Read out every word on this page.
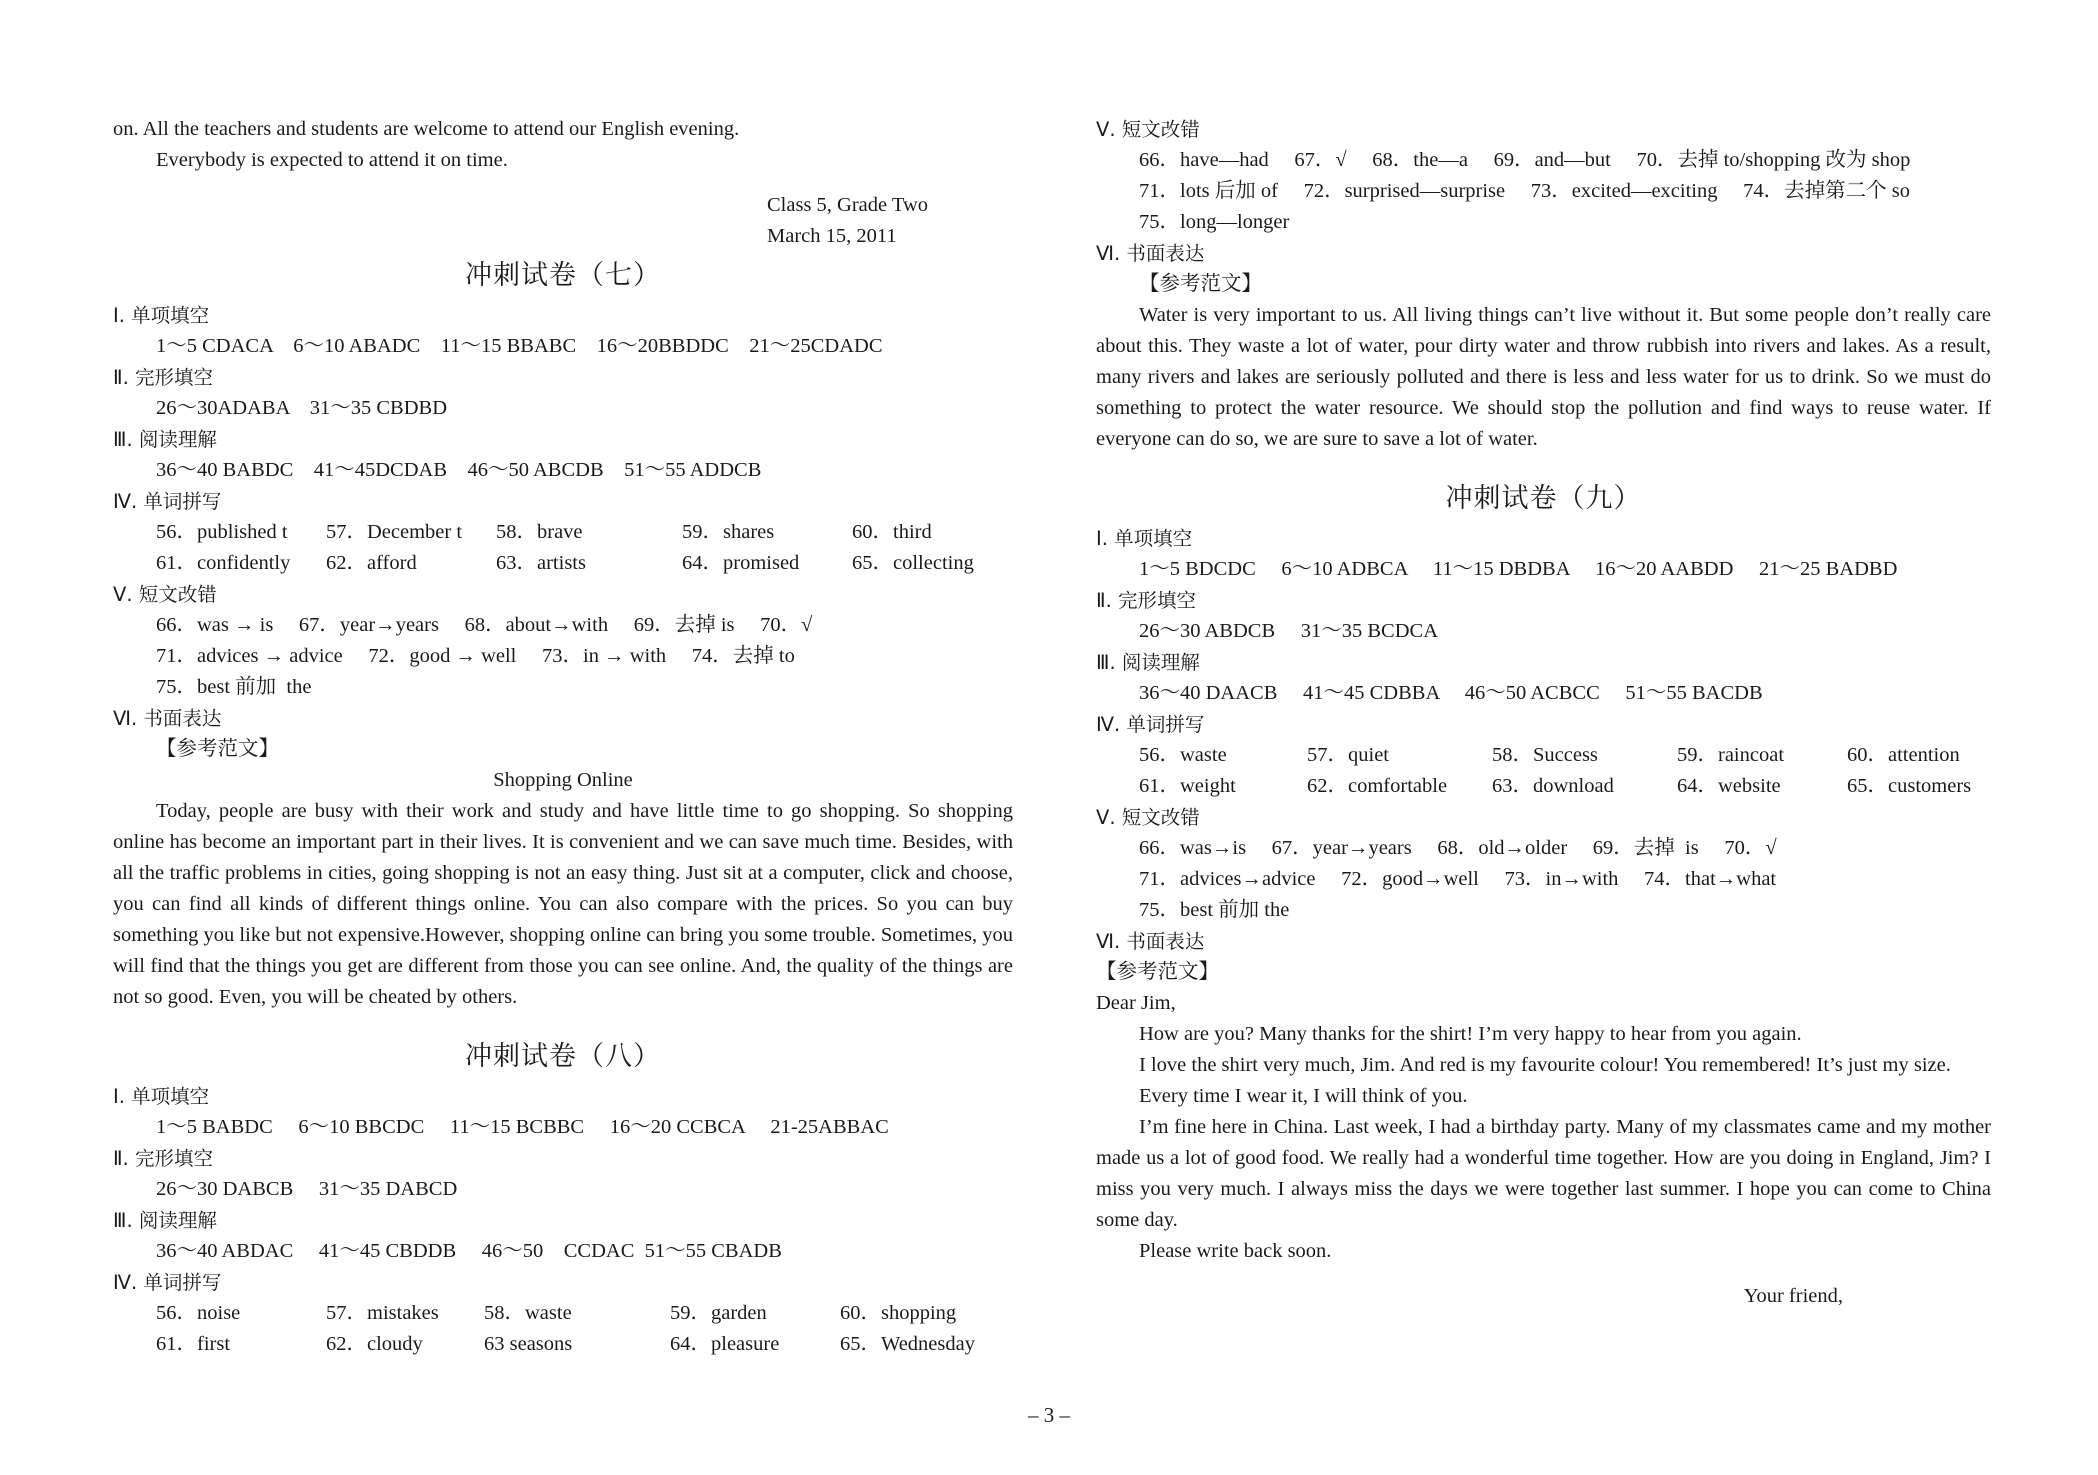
on. All the teachers and students are welcome to attend our English evening.

Everybody is expected to attend it on time.

Class 5, Grade Two

March 15, 2011

冲刺试卷（七）

Ⅰ. 单项填空

1～5 CDACA    6～10 ABADC    11～15 BBABC    16～20BBDDC    21～25CDADC

Ⅱ. 完形填空

26～30ADABA    31～35 CBDBD

Ⅲ. 阅读理解

36～40 BABDC    41～45DCDAB    46～50 ABCDB    51～55 ADDCB

Ⅳ. 单词拼写

56．published t	57．December t	58．brave	59．shares	60．third
61．confidently	62．afford	63．artists	64．promised	65．collecting

Ⅴ. 短文改错

66．was → is     67．year→years     68．about→with     69．去掉 is     70．√

71．advices → advice     72．good → well     73．in → with     74．去掉 to

75．best 前加  the

Ⅵ. 书面表达

【参考范文】

Shopping Online

Today, people are busy with their work and study and have little time to go shopping. So shopping online has become an important part in their lives. It is convenient and we can save much time. Besides, with all the traffic problems in cities, going shopping is not an easy thing. Just sit at a computer, click and choose, you can find all kinds of different things online. You can also compare with the prices. So you can buy something you like but not expensive.However, shopping online can bring you some trouble. Sometimes, you will find that the things you get are different from those you can see online. And, the quality of the things are not so good. Even, you will be cheated by others.

冲刺试卷（八）

Ⅰ. 单项填空

1～5 BABDC     6～10 BBCDC     11～15 BCBBC     16～20 CCBCA     21-25ABBAC

Ⅱ. 完形填空

26～30 DABCB     31～35 DABCD

Ⅲ. 阅读理解

36～40 ABDAC     41～45 CBDDB     46～50    CCDAC  51～55 CBADB

Ⅳ. 单词拼写

56．noise	57．mistakes	58．waste	59．garden	60．shopping
61．first	62．cloudy	63 seasons	64．pleasure	65．Wednesday

Ⅴ. 短文改错

66．have—had     67．√     68．the—a     69．and—but     70．去掉 to/shopping 改为 shop

71．lots 后加 of     72．surprised—surprise     73．excited—exciting     74．去掉第二个 so

75．long—longer

Ⅵ. 书面表达

【参考范文】

Water is very important to us. All living things can’t live without it. But some people don’t really care about this. They waste a lot of water, pour dirty water and throw rubbish into rivers and lakes. As a result, many rivers and lakes are seriously polluted and there is less and less water for us to drink. So we must do something to protect the water resource. We should stop the pollution and find ways to reuse water. If everyone can do so, we are sure to save a lot of water.

冲刺试卷（九）

Ⅰ. 单项填空

1～5 BDCDC     6～10 ADBCA     11～15 DBDBA     16～20 AABDD     21～25 BADBD

Ⅱ. 完形填空

26～30 ABDCB     31～35 BCDCA

Ⅲ. 阅读理解

36～40 DAACB     41～45 CDBBA     46～50 ACBCC     51～55 BACDB

Ⅳ. 单词拼写

56．waste	57．quiet	58．Success	59．raincoat	60．attention
61．weight	62．comfortable	63．download	64．website	65．customers

Ⅴ. 短文改错

66．was→is     67．year→years     68．old→older     69．去掉  is     70．√

71．advices→advice     72．good→well     73．in→with     74．that→what

75．best 前加 the

Ⅵ. 书面表达

【参考范文】

Dear Jim,

How are you? Many thanks for the shirt! I’m very happy to hear from you again.

I love the shirt very much, Jim. And red is my favourite colour! You remembered! It’s just my size.

Every time I wear it, I will think of you.

I’m fine here in China. Last week, I had a birthday party. Many of my classmates came and my mother made us a lot of good food. We really had a wonderful time together. How are you doing in England, Jim? I miss you very much. I always miss the days we were together last summer. I hope you can come to China some day.

Please write back soon.

Your friend,

– 3 –
